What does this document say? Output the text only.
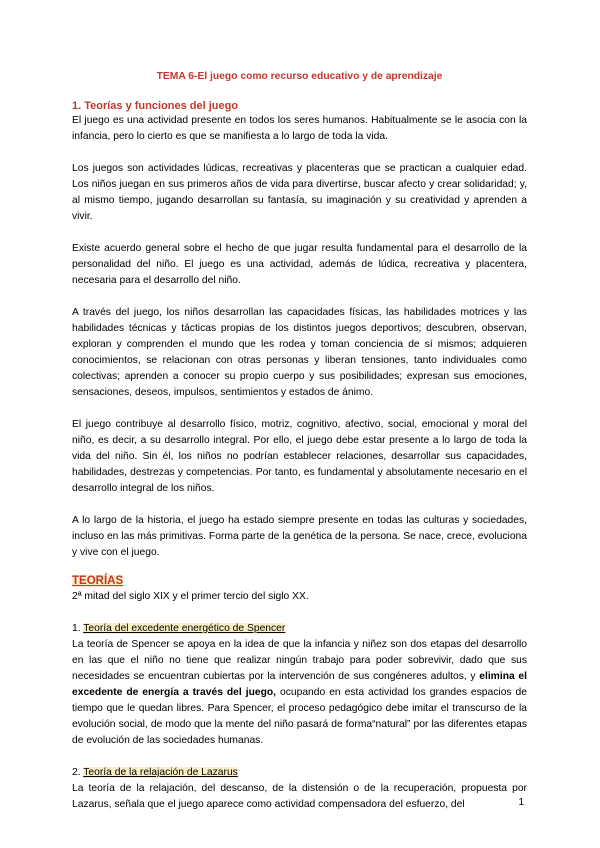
TEMA 6-El juego como recurso educativo y de aprendizaje
1. Teorías y funciones del juego

El juego es una actividad presente en todos los seres humanos. Habitualmente se le asocia con la infancia, pero lo cierto es que se manifiesta a lo largo de toda la vida.

Los juegos son actividades lúdicas, recreativas y placenteras que se practican a cualquier edad. Los niños juegan en sus primeros años de vida para divertirse, buscar afecto y crear solidaridad; y, al mismo tiempo, jugando desarrollan su fantasía, su imaginación y su creatividad y aprenden a vivir.

Existe acuerdo general sobre el hecho de que jugar resulta fundamental para el desarrollo de la personalidad del niño. El juego es una actividad, además de lúdica, recreativa y placentera, necesaria para el desarrollo del niño.

A través del juego, los niños desarrollan las capacidades físicas, las habilidades motrices y las habilidades técnicas y tácticas propias de los distintos juegos deportivos; descubren, observan, exploran y comprenden el mundo que les rodea y toman conciencia de sí mismos; adquieren conocimientos, se relacionan con otras personas y liberan tensiones, tanto individuales como colectivas; aprenden a conocer su propio cuerpo y sus posibilidades; expresan sus emociones, sensaciones, deseos, impulsos, sentimientos y estados de ánimo.

El juego contribuye al desarrollo físico, motriz, cognitivo, afectivo, social, emocional y moral del niño, es decir, a su desarrollo integral. Por ello, el juego debe estar presente a lo largo de toda la vida del niño. Sin él, los niños no podrían establecer relaciones, desarrollar sus capacidades, habilidades, destrezas y competencias. Por tanto, es fundamental y absolutamente necesario en el desarrollo integral de los niños.

A lo largo de la historia, el juego ha estado siempre presente en todas las culturas y sociedades, incluso en las más primitivas. Forma parte de la genética de la persona. Se nace, crece, evoluciona y vive con el juego.

TEORÍAS

2ª mitad del siglo XIX y el primer tercio del siglo XX.

1. Teoría del excedente energético de Spencer

La teoría de Spencer se apoya en la idea de que la infancia y niñez son dos etapas del desarrollo en las que el niño no tiene que realizar ningún trabajo para poder sobrevivir, dado que sus necesidades se encuentran cubiertas por la intervención de sus congéneres adultos, y elimina el excedente de energía a través del juego, ocupando en esta actividad los grandes espacios de tiempo que le quedan libres. Para Spencer, el proceso pedagógico debe imitar el transcurso de la evolución social, de modo que la mente del niño pasará de forma“natural” por las diferentes etapas de evolución de las sociedades humanas.

2. Teoría de la relajación de Lazarus

La teoría de la relajación, del descanso, de la distensión o de la recuperación, propuesta por Lazarus, señala que el juego aparece como actividad compensadora del esfuerzo, del	1
